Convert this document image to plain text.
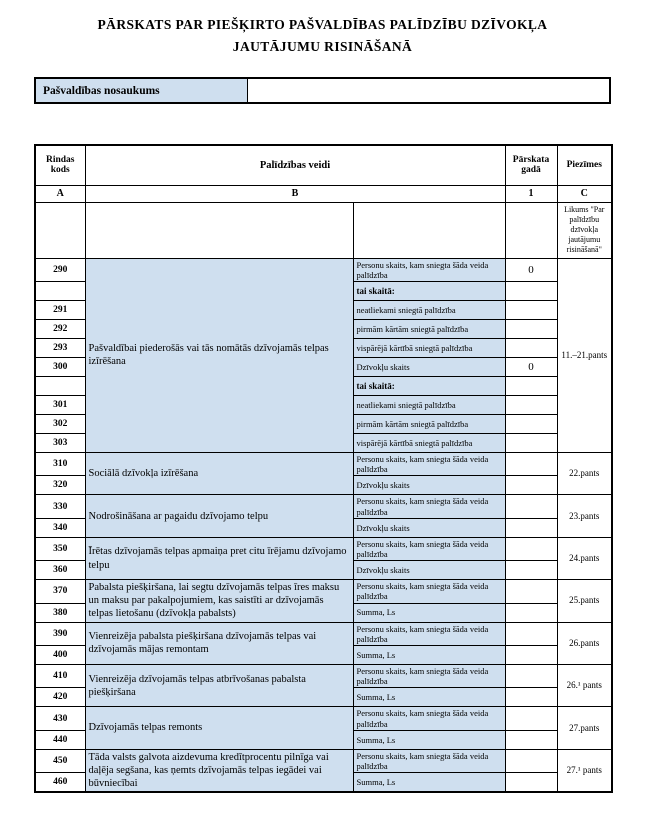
PĀRSKATS PAR PIEŠĶIRTO PAŠVALDĪBAS PALĪDZĪBU DZĪVOKĻA
JAUTĀJUMU RISINĀŠANĀ
Pašvaldības nosaukums
Rindas kods	Palīdzības veidi		Pārskata gadā	Piezīmes
A	B		1	C
				Likums "Par palīdzību dzīvokļa jautājumu risināšanā"
290	Pašvaldībai piederošās vai tās nomātās dzīvojamās telpas izīrēšana	Personu skaits, kam sniegta šāda veida palīdzība	0	11.–21.pants
		tai skaitā:		
291		neatliekami sniegtā palīdzība		
292		pirmām kārtām sniegtā palīdzība		
293		vispārējā kārtībā sniegtā palīdzība		
300		Dzīvokļu skaits	0	
		tai skaitā:		
301		neatliekami sniegtā palīdzība		
302		pirmām kārtām sniegtā palīdzība		
303		vispārējā kārtībā sniegtā palīdzība		
310	Sociālā dzīvokļa izīrēšana	Personu skaits, kam sniegta šāda veida palīdzība		22.pants
320		Dzīvokļu skaits		
330	Nodrošināšana ar pagaidu dzīvojamo telpu	Personu skaits, kam sniegta šāda veida palīdzība		23.pants
340		Dzīvokļu skaits		
350	Īrētas dzīvojamās telpas apmaiņa pret citu īrējamu dzīvojamo telpu	Personu skaits, kam sniegta šāda veida palīdzība		24.pants
360		Dzīvokļu skaits		
370	Pabalsta piešķiršana, lai segtu dzīvojamās telpas īres maksu un maksu par pakalpojumiem, kas saistīti ar dzīvojamās telpas lietošanu (dzīvokļa pabalsts)	Personu skaits, kam sniegta šāda veida palīdzība		25.pants
380		Summa, Ls		
390	Vienreizēja pabalsta piešķiršana dzīvojamās telpas vai dzīvojamās mājas remontam	Personu skaits, kam sniegta šāda veida palīdzība		26.pants
400		Summa, Ls		
410	Vienreizēja dzīvojamās telpas atbrīvošanas pabalsta piešķiršana	Personu skaits, kam sniegta šāda veida palīdzība		26.¹ pants
420		Summa, Ls		
430	Dzīvojamās telpas remonts	Personu skaits, kam sniegta šāda veida palīdzība		27.pants
440		Summa, Ls		
450	Tāda valsts galvota aizdevuma kredītprocentu pilnīga vai daļēja segšana, kas ņemts dzīvojamās telpas iegādei vai būvniecībai	Personu skaits, kam sniegta šāda veida palīdzība		27.¹ pants
460		Summa, Ls		
